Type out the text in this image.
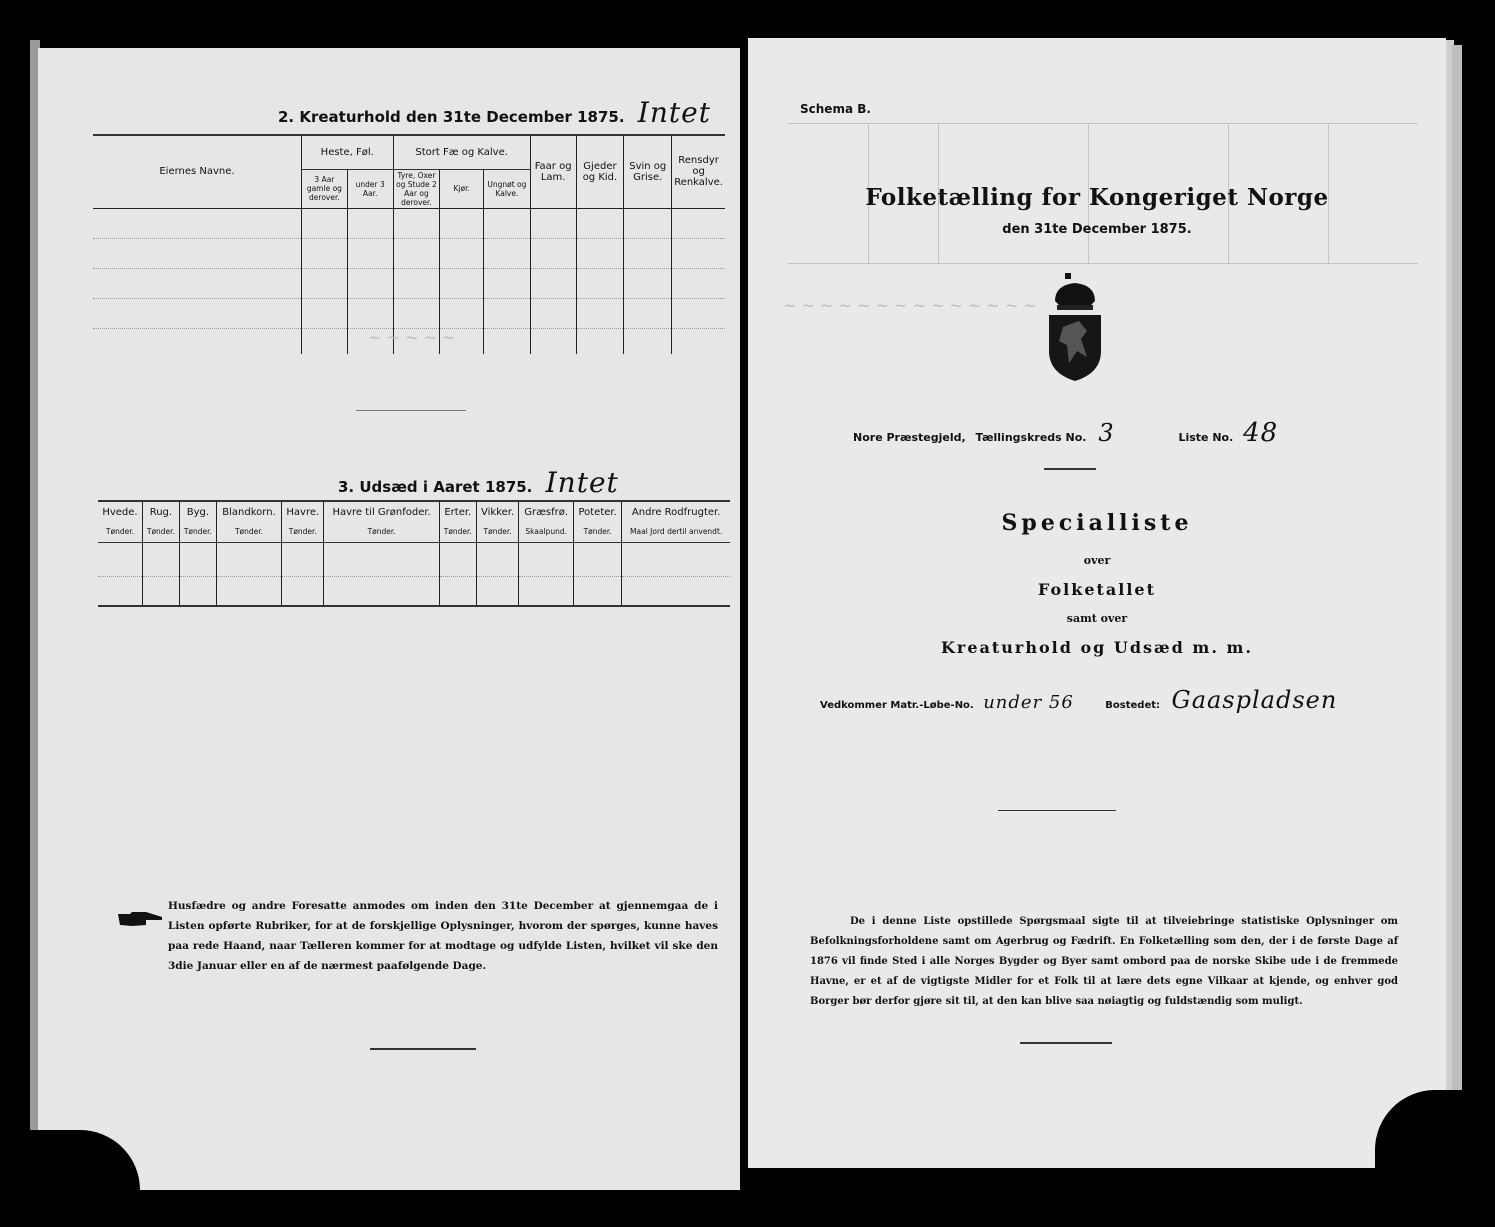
2. Kreaturhold den 31te December 1875. Intet
Eiernes Navne.	Heste, Føl.		Stort Fæ og Kalve.			Faar og Lam.	Gjeder og Kid.	Svin og Grise.	Rensdyr og Renkalve.
	3 Aar gamle og derover.	under 3 Aar.	Tyre, Oxer og Stude 2 Aar og derover.	Kjør.	Ungnøt og Kalve.				

~ ~ ~ ~ ~
3. Udsæd i Aaret 1875. Intet
Hvede.	Rug.	Byg.	Blandkorn.	Havre.	Havre til Grønfoder.	Erter.	Vikker.	Græsfrø.	Poteter.	Andre Rodfrugter.
Tønder.	Tønder.	Tønder.	Tønder.	Tønder.	Tønder.	Tønder.	Tønder.	Skaalpund.	Tønder.	Maal Jord dertil anvendt.

Husfædre og andre Foresatte anmodes om inden den 31te December at gjennemgaa de i Listen opførte Rubriker, for at de forskjellige Oplysninger, hvorom der spørges, kunne haves paa rede Haand, naar Tælleren kommer for at modtage og udfylde Listen, hvilket vil ske den 3die Januar eller en af de nærmest paafølgende Dage.
Schema B.
Folketælling for Kongeriget Norge
den 31te December 1875.
~ ~ ~ ~ ~ ~ ~ ~ ~ ~ ~ ~ ~ ~
Nore Præstegjeld, Tællingskreds No. 3	Liste No. 48
Specialliste
over
Folketallet
samt over
Kreaturhold og Udsæd m. m.
Vedkommer Matr.-Løbe-No. under 56	Bostedet: Gaaspladsen
De i denne Liste opstillede Spørgsmaal sigte til at tilveiebringe statistiske Oplysninger om Befolkningsforholdene samt om Agerbrug og Fædrift. En Folketælling som den, der i de første Dage af 1876 vil finde Sted i alle Norges Bygder og Byer samt ombord paa de norske Skibe ude i de fremmede Havne, er et af de vigtigste Midler for et Folk til at lære dets egne Vilkaar at kjende, og enhver god Borger bør derfor gjøre sit til, at den kan blive saa nøiagtig og fuldstændig som muligt.
